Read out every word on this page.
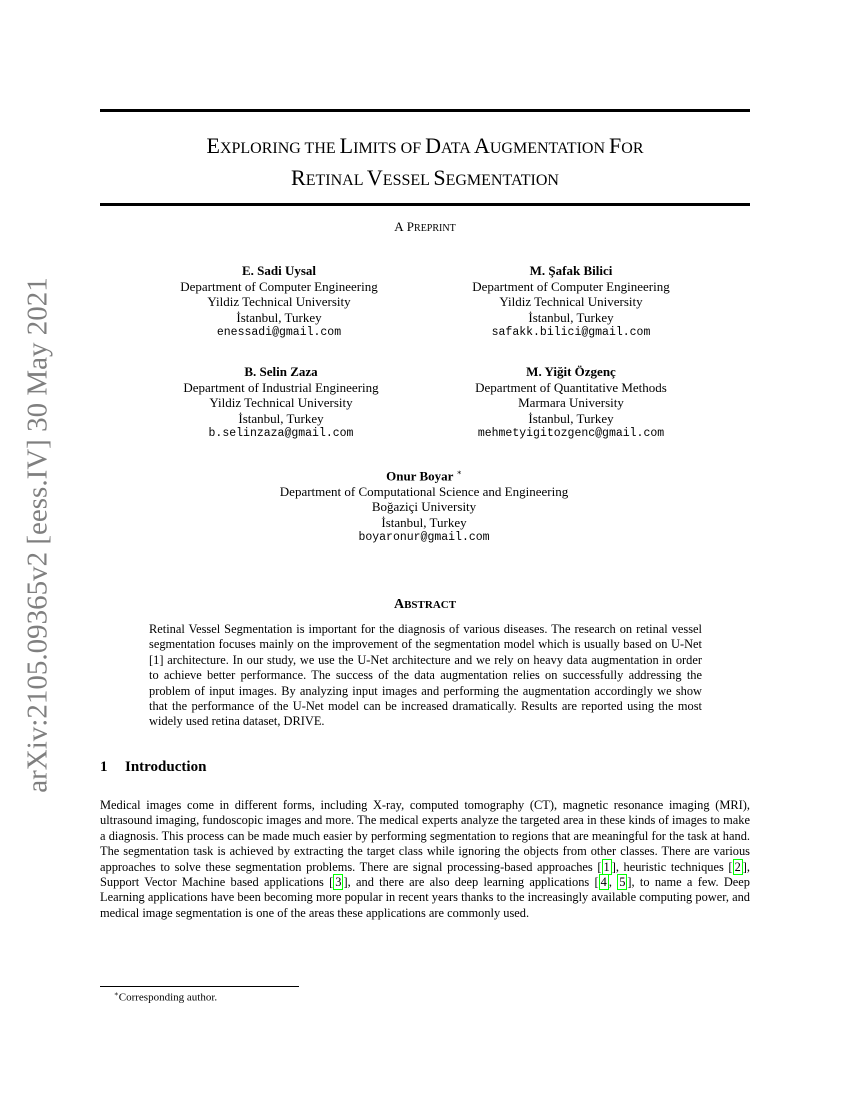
arXiv:2105.09365v2 [eess.IV] 30 May 2021
EXPLORING THE LIMITS OF DATA AUGMENTATION FOR
RETINAL VESSEL SEGMENTATION
A PREPRINT
E. Sadi Uysal
Department of Computer Engineering
Yildiz Technical University
İstanbul, Turkey
enessadi@gmail.com
M. Şafak Bilici
Department of Computer Engineering
Yildiz Technical University
İstanbul, Turkey
safakk.bilici@gmail.com
B. Selin Zaza
Department of Industrial Engineering
Yildiz Technical University
İstanbul, Turkey
b.selinzaza@gmail.com
M. Yiğit Özgenç
Department of Quantitative Methods
Marmara University
İstanbul, Turkey
mehmetyigitozgenc@gmail.com
Onur Boyar ∗
Department of Computational Science and Engineering
Boğaziçi University
İstanbul, Turkey
boyaronur@gmail.com
ABSTRACT

Retinal Vessel Segmentation is important for the diagnosis of various diseases. The research on retinal vessel segmentation focuses mainly on the improvement of the segmentation model which is usually based on U-Net [1] architecture. In our study, we use the U-Net architecture and we rely on heavy data augmentation in order to achieve better performance. The success of the data augmentation relies on successfully addressing the problem of input images. By analyzing input images and performing the augmentation accordingly we show that the performance of the U-Net model can be increased dramatically. Results are reported using the most widely used retina dataset, DRIVE.

1 Introduction

Medical images come in different forms, including X-ray, computed tomography (CT), magnetic resonance imaging (MRI), ultrasound imaging, fundoscopic images and more. The medical experts analyze the targeted area in these kinds of images to make a diagnosis. This process can be made much easier by performing segmentation to regions that are meaningful for the task at hand. The segmentation task is achieved by extracting the target class while ignoring the objects from other classes. There are various approaches to solve these segmentation problems. There are signal processing-based approaches [ 1 ], heuristic techniques [ 2 ], Support Vector Machine based applications [ 3 ], and there are also deep learning applications [ 4 , 5 ], to name a few. Deep Learning applications have been becoming more popular in recent years thanks to the increasingly available computing power, and medical image segmentation is one of the areas these applications are commonly used.

∗Corresponding author.
